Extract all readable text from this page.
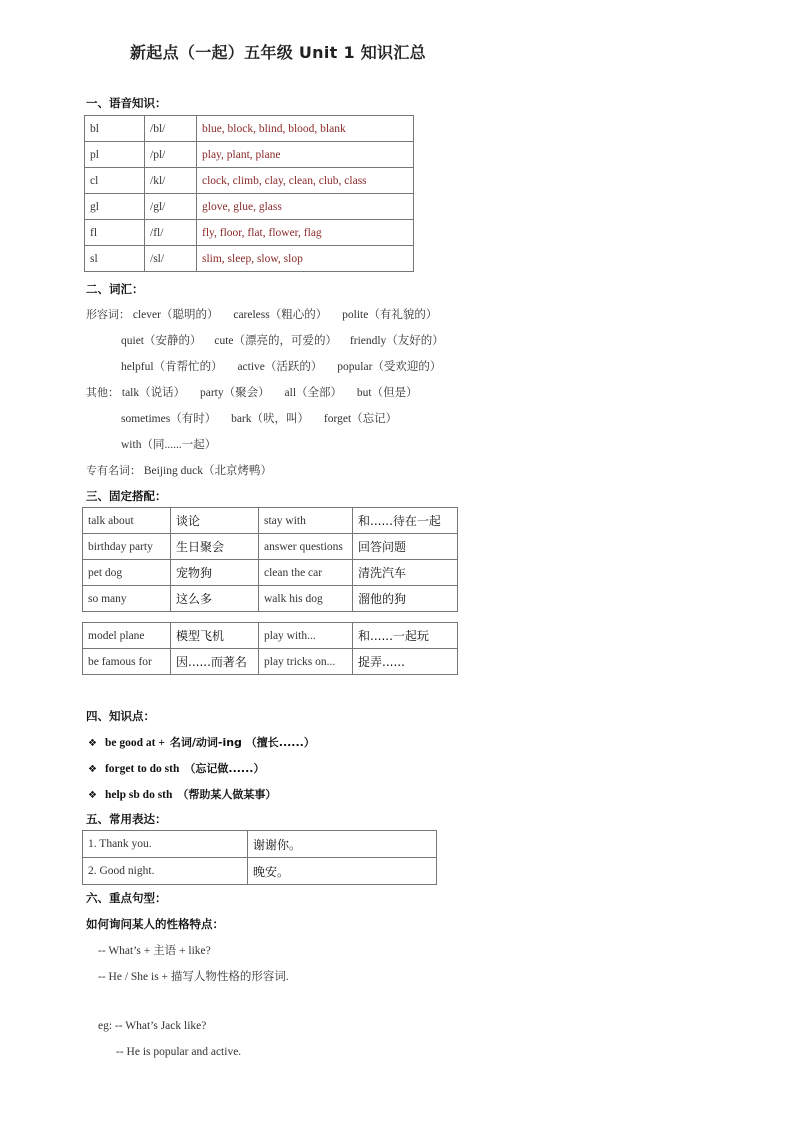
新起点（一起）五年级 Unit 1 知识汇总
一、语音知识：
bl	/bl/	blue, block, blind, blood, blank
pl	/pl/	play, plant, plane
cl	/kl/	clock, climb, clay, clean, club, class
gl	/gl/	glove, glue, glass
fl	/fl/	fly, floor, flat, flower, flag
sl	/sl/	slim, sleep, slow, slop
二、词汇：
形容词： clever（聪明的） careless（粗心的） polite（有礼貌的）
quiet（安静的） cute（漂亮的，可爱的） friendly（友好的）
helpful（肯帮忙的） active（活跃的） popular（受欢迎的）
其他： talk（说话） party（聚会） all（全部） but（但是）
sometimes（有时） bark（吠，叫） forget（忘记）
with（同......一起）
专有名词： Beijing duck（北京烤鸭）
三、固定搭配：
talk about	谈论	stay with	和......待在一起
birthday party	生日聚会	answer questions	回答问题
pet dog	宠物狗	clean the car	清洗汽车
so many	这么多	walk his dog	溜他的狗
model plane	模型飞机	play with...	和......一起玩
be famous for	因......而著名	play tricks on...	捉弄......
四、知识点：
❖ be good at + 名词/动词-ing （擅长......）
❖ forget to do sth （忘记做......）
❖ help sb do sth （帮助某人做某事）
五、常用表达：
1. Thank you.	谢谢你。
2. Good night.	晚安。
六、重点句型：
如何询问某人的性格特点：
-- What’s + 主语 + like?
-- He / She is + 描写人物性格的形容词.
eg: -- What’s Jack like?
-- He is popular and active.
